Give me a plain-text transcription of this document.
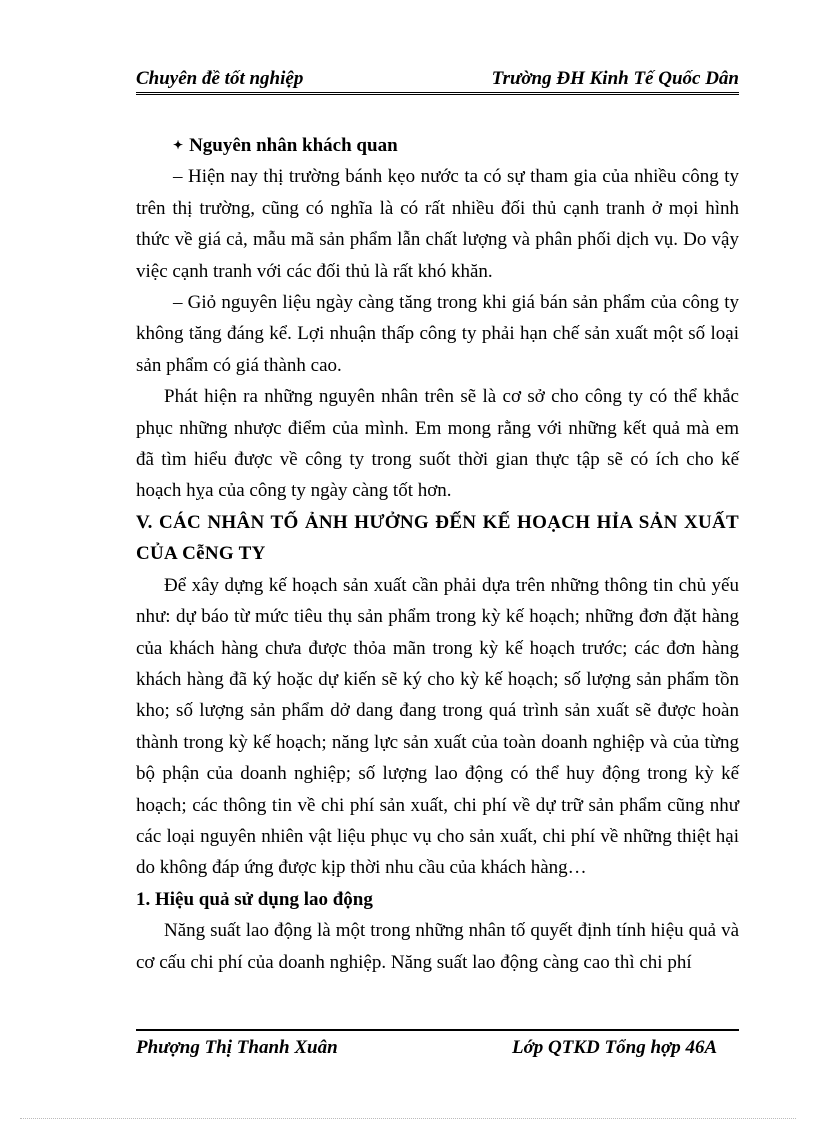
Chuyên đề tốt nghiệp	Trường ĐH Kinh Tế Quốc Dân

✦ Nguyên nhân khách quan

– Hiện nay thị trường bánh kẹo nước ta có sự tham gia của nhiều công ty trên thị trường, cũng có nghĩa là có rất nhiều đối thủ cạnh tranh ở mọi hình thức về giá cả, mẫu mã sản phẩm lẫn chất lượng và phân phối dịch vụ. Do vậy việc cạnh tranh với các đối thủ là rất khó khăn.

– Giỏ nguyên liệu ngày càng tăng trong khi giá bán sản phẩm của công ty không tăng đáng kể. Lợi nhuận thấp công ty phải hạn chế sản xuất một số loại sản phẩm có giá thành cao.

Phát hiện ra những nguyên nhân trên sẽ là cơ sở cho công ty có thể khắc phục những nhược điểm của mình. Em mong rằng với những kết quả mà em đã tìm hiểu được về công ty trong suốt thời gian thực tập sẽ có ích cho kế hoạch hỵa của công ty ngày càng tốt hơn.

V. CÁC NHÂN TỐ ẢNH HƯỞNG ĐẾN KẾ HOẠCH HỈA SẢN XUẤT CỦA CễNG TY

Để xây dựng kế hoạch sản xuất cần phải dựa trên những thông tin chủ yếu như: dự báo từ mức tiêu thụ sản phẩm trong kỳ kế hoạch; những đơn đặt hàng của khách hàng chưa được thỏa mãn trong kỳ kế hoạch trước; các đơn hàng khách hàng đã ký hoặc dự kiến sẽ ký cho kỳ kế hoạch; số lượng sản phẩm tồn kho; số lượng sản phẩm dở dang đang trong quá trình sản xuất sẽ được hoàn thành trong kỳ kế hoạch; năng lực sản xuất của toàn doanh nghiệp và của từng bộ phận của doanh nghiệp; số lượng lao động có thể huy động trong kỳ kế hoạch; các thông tin về chi phí sản xuất, chi phí về dự trữ sản phẩm cũng như các loại nguyên nhiên vật liệu phục vụ cho sản xuất, chi phí về những thiệt hại do không đáp ứng được kịp thời nhu cầu của khách hàng…

1. Hiệu quả sử dụng lao động

Năng suất lao động là một trong những nhân tố quyết định tính hiệu quả và cơ cấu chi phí của doanh nghiệp. Năng suất lao động càng cao thì chi phí

Phượng Thị Thanh Xuân	Lớp QTKD Tổng hợp 46A
